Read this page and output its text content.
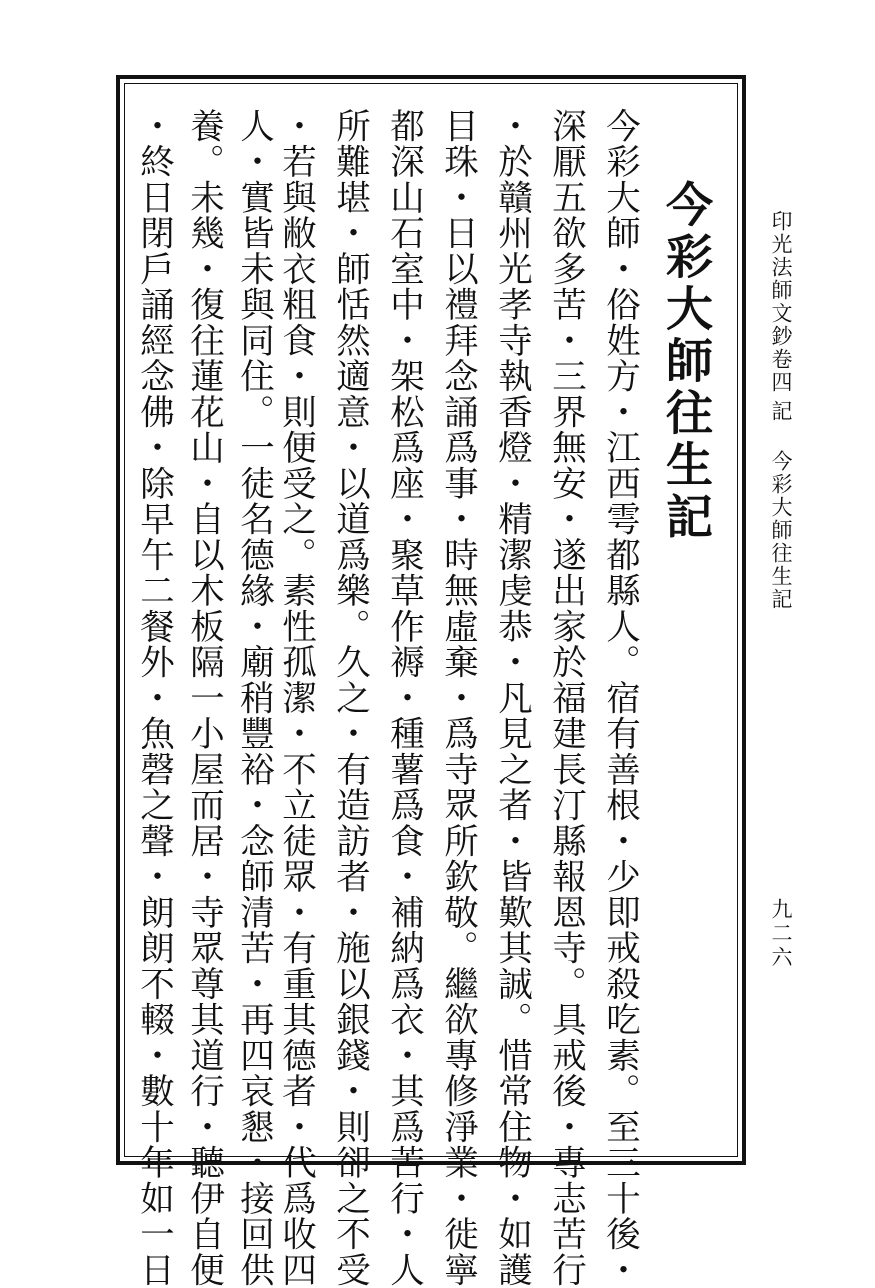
印光法師文鈔卷四
記
今彩大師往生記
九二六
今彩大師往生記
今彩大師・俗姓方・江西雩都縣人。宿有善根・少即戒殺吃素。至三十後・
深厭五欲多苦・三界無安・遂出家於福建長汀縣報恩寺。具戒後・專志苦行
・於贛州光孝寺執香燈・精潔虔恭・凡見之者・皆歎其誠。惜常住物・如護
目珠・日以禮拜念誦爲事・時無虛棄・爲寺眾所欽敬。繼欲專修淨業・徙寧
都深山石室中・架松爲座・聚草作褥・種薯爲食・補納爲衣・其爲苦行・人
所難堪・師恬然適意・以道爲樂。久之・有造訪者・施以銀錢・則卻之不受
・若與敝衣粗食・則便受之。素性孤潔・不立徒眾・有重其德者・代爲收四
人・實皆未與同住。一徒名德緣・廟稍豐裕・念師清苦・再四哀懇・接回供
養。未幾・復往蓮花山・自以木板隔一小屋而居・寺眾尊其道行・聽伊自便
・終日閉戶誦經念佛・除早午二餐外・魚磬之聲・朗朗不輟・數十年如一日
